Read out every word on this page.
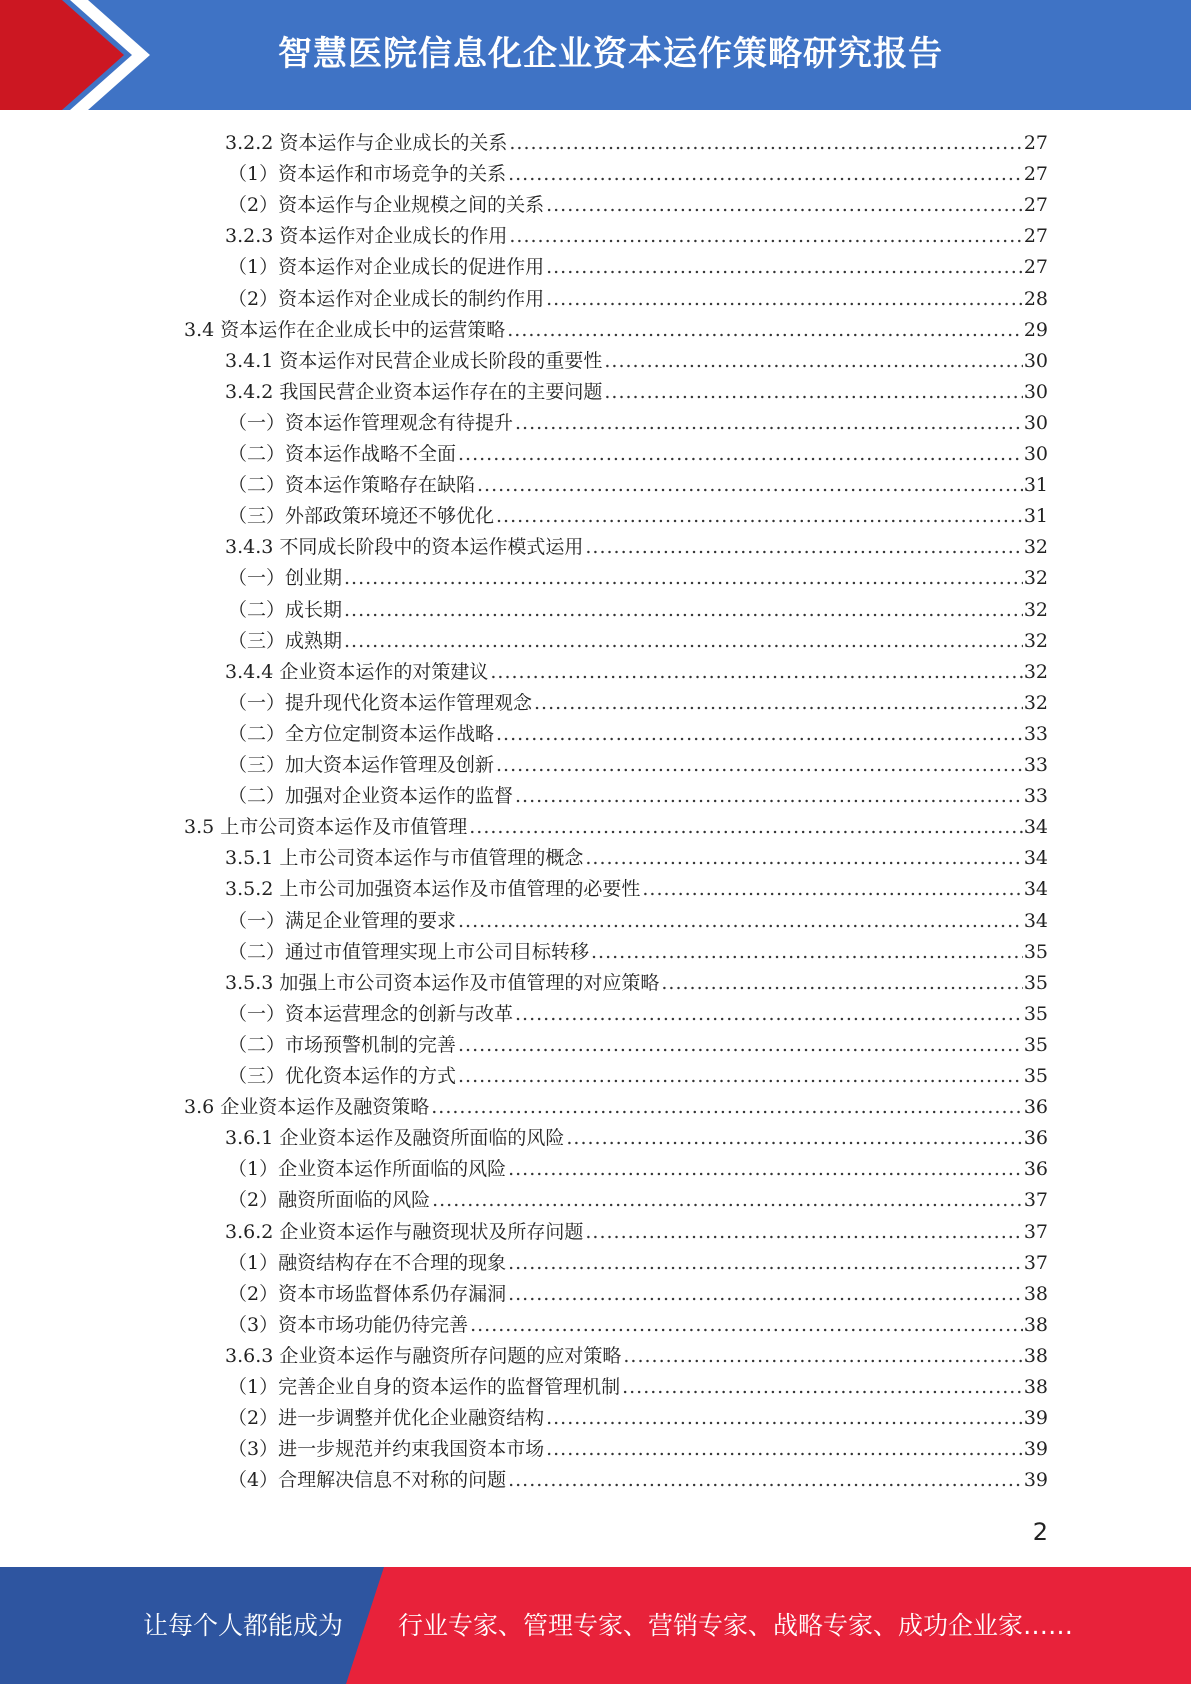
智慧医院信息化企业资本运作策略研究报告
3.2.2 资本运作与企业成长的关系 .....	27
（1）资本运作和市场竞争的关系 .....	27
（2）资本运作与企业规模之间的关系 .....	27
3.2.3 资本运作对企业成长的作用 .....	27
（1）资本运作对企业成长的促进作用 .....	27
（2）资本运作对企业成长的制约作用 .....	28
3.4 资本运作在企业成长中的运营策略 .....	29
3.4.1 资本运作对民营企业成长阶段的重要性 .....	30
3.4.2 我国民营企业资本运作存在的主要问题 .....	30
（一）资本运作管理观念有待提升 .....	30
（二）资本运作战略不全面 .....	30
（二）资本运作策略存在缺陷 .....	31
（三）外部政策环境还不够优化 .....	31
3.4.3 不同成长阶段中的资本运作模式运用 .....	32
（一）创业期 .....	32
（二）成长期 .....	32
（三）成熟期 .....	32
3.4.4 企业资本运作的对策建议 .....	32
（一）提升现代化资本运作管理观念 .....	32
（二）全方位定制资本运作战略 .....	33
（三）加大资本运作管理及创新 .....	33
（二）加强对企业资本运作的监督 .....	33
3.5 上市公司资本运作及市值管理 .....	34
3.5.1 上市公司资本运作与市值管理的概念 .....	34
3.5.2 上市公司加强资本运作及市值管理的必要性 .....	34
（一）满足企业管理的要求 .....	34
（二）通过市值管理实现上市公司目标转移 .....	35
3.5.3 加强上市公司资本运作及市值管理的对应策略 .....	35
（一）资本运营理念的创新与改革 .....	35
（二）市场预警机制的完善 .....	35
（三）优化资本运作的方式 .....	35
3.6 企业资本运作及融资策略 .....	36
3.6.1 企业资本运作及融资所面临的风险 .....	36
（1）企业资本运作所面临的风险 .....	36
（2）融资所面临的风险 .....	37
3.6.2 企业资本运作与融资现状及所存问题 .....	37
（1）融资结构存在不合理的现象 .....	37
（2）资本市场监督体系仍存漏洞 .....	38
（3）资本市场功能仍待完善 .....	38
3.6.3 企业资本运作与融资所存问题的应对策略 .....	38
（1）完善企业自身的资本运作的监督管理机制 .....	38
（2）进一步调整并优化企业融资结构 .....	39
（3）进一步规范并约束我国资本市场 .....	39
（4）合理解决信息不对称的问题 .....	39
2
让每个人都能成为 行业专家、管理专家、营销专家、战略专家、成功企业家……
